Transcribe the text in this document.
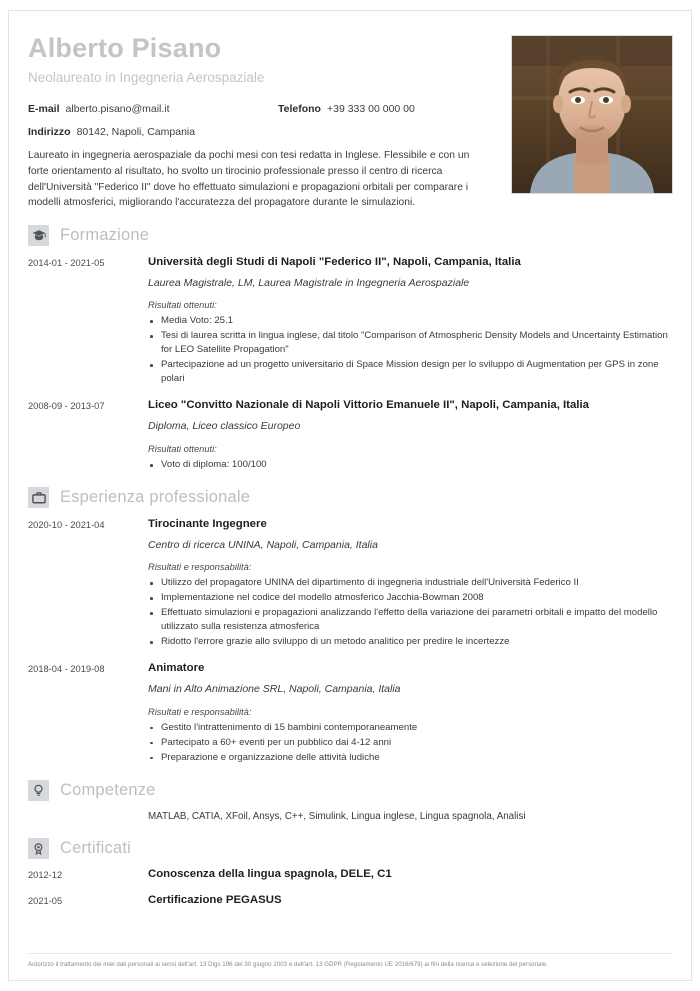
Alberto Pisano
Neolaureato in Ingegneria Aerospaziale
E-mail alberto.pisano@mail.it	Telefono +39 333 00 000 00
Indirizzo 80142, Napoli, Campania
Laureato in ingegneria aerospaziale da pochi mesi con tesi redatta in Inglese. Flessibile e con un forte orientamento al risultato, ho svolto un tirocinio professionale presso il centro di ricerca dell'Università "Federico II" dove ho effettuato simulazioni e propagazioni orbitali per comparare i modelli atmosferici, migliorando l'accuratezza del propagatore durante le simulazioni.
Formazione
2014-01 - 2021-05	Università degli Studi di Napoli "Federico II", Napoli, Campania, Italia
Laurea Magistrale, LM, Laurea Magistrale in Ingegneria Aerospaziale
Risultati ottenuti:
Media Voto: 25.1
Tesi di laurea scritta in lingua inglese, dal titolo "Comparison of Atmospheric Density Models and Uncertainty Estimation for LEO Satellite Propagation"
Partecipazione ad un progetto universitario di Space Mission design per lo sviluppo di Augmentation per GPS in zone polari
2008-09 - 2013-07	Liceo "Convitto Nazionale di Napoli Vittorio Emanuele II", Napoli, Campania, Italia
Diploma, Liceo classico Europeo
Risultati ottenuti:
Voto di diploma: 100/100
Esperienza professionale
2020-10 - 2021-04	Tirocinante Ingegnere
Centro di ricerca UNINA, Napoli, Campania, Italia
Risultati e responsabilità:
Utilizzo del propagatore UNINA del dipartimento di ingegneria industriale dell'Università Federico II
Implementazione nel codice del modello atmosferico Jacchia-Bowman 2008
Effettuato simulazioni e propagazioni analizzando l'effetto della variazione dei parametri orbitali e impatto del modello utilizzato sulla resistenza atmosferica
Ridotto l'errore grazie allo sviluppo di un metodo analitico per predire le incertezze
2018-04 - 2019-08	Animatore
Mani in Alto Animazione SRL, Napoli, Campania, Italia
Risultati e responsabilità:
Gestito l'intrattenimento di 15 bambini contemporaneamente
Partecipato a 60+ eventi per un pubblico dai 4-12 anni
Preparazione e organizzazione delle attività ludiche
Competenze
MATLAB, CATIA, XFoil, Ansys, C++, Simulink, Lingua inglese, Lingua spagnola, Analisi
Certificati
2012-12	Conoscenza della lingua spagnola, DELE, C1
2021-05	Certificazione PEGASUS
Autorizzo il trattamento dei miei dati personali ai sensi dell'art. 13 Dlgs 196 del 30 giugno 2003 e dell'art. 13 GDPR (Regolamento UE 2016/679) ai fini della ricerca e selezione del personale.
